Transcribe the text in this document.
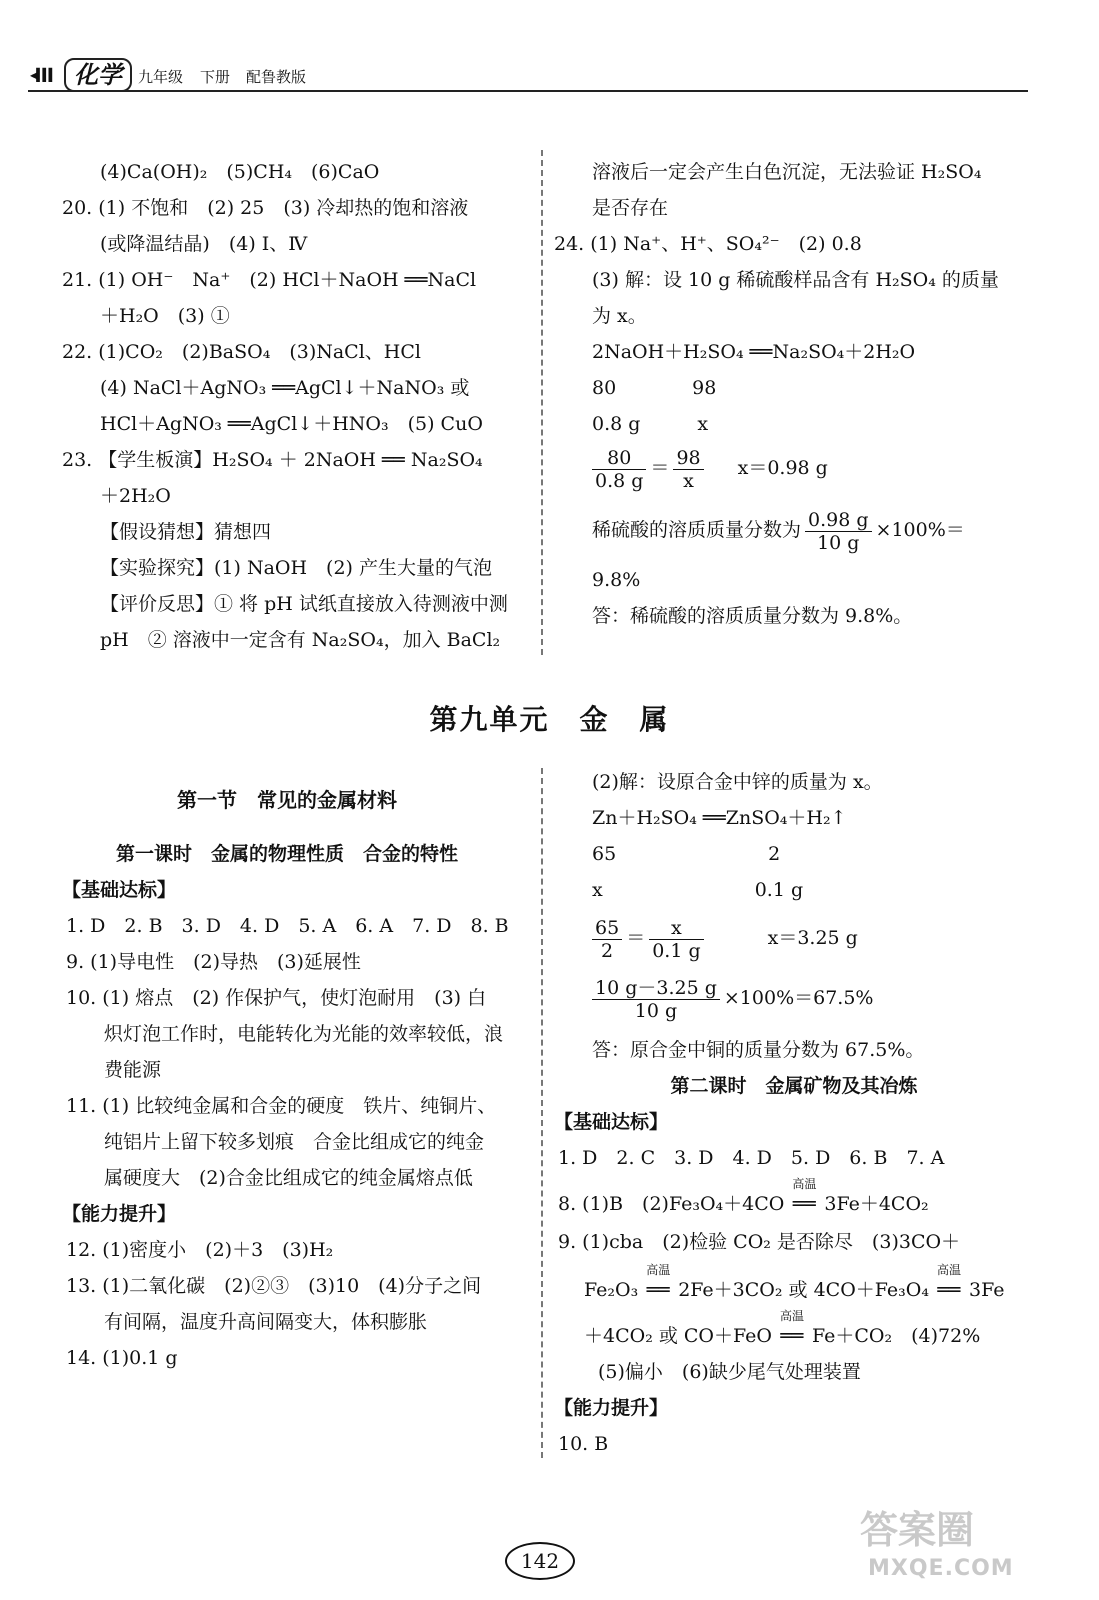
◀▌▌▌ 化学	九年级 下册 配鲁教版
(4)Ca(OH)₂　(5)CH₄　(6)CaO
20. (1) 不饱和　(2) 25　(3) 冷却热的饱和溶液
(或降温结晶)　(4) Ⅰ、Ⅳ
21. (1) OH⁻　Na⁺　(2) HCl＋NaOH ══NaCl
＋H₂O　(3) ①
22. (1)CO₂　(2)BaSO₄　(3)NaCl、HCl
(4) NaCl＋AgNO₃ ══AgCl↓＋NaNO₃ 或
HCl＋AgNO₃ ══AgCl↓＋HNO₃　(5) CuO
23. 【学生板演】H₂SO₄ ＋ 2NaOH ══ Na₂SO₄
＋2H₂O
【假设猜想】猜想四
【实验探究】(1) NaOH　(2) 产生大量的气泡
【评价反思】① 将 pH 试纸直接放入待测液中测
pH　② 溶液中一定含有 Na₂SO₄，加入 BaCl₂
溶液后一定会产生白色沉淀，无法验证 H₂SO₄
是否存在
24. (1) Na⁺、H⁺、SO₄²⁻　(2) 0.8
(3) 解：设 10 g 稀硫酸样品含有 H₂SO₄ 的质量
为 x。
2NaOH＋H₂SO₄ ══Na₂SO₄＋2H₂O
80　　　　98
0.8 g　　　x
$\frac{80}{0.8 g} = \frac{98}{x} x=0.98$ g
稀硫酸的溶质质量分数为 $\frac{0.98 g}{10 g} \times 100\%=$
9.8%
答：稀硫酸的溶质质量分数为 9.8%。
第九单元　金　属
第一节　常见的金属材料
第一课时　金属的物理性质　合金的特性
【基础达标】
1. D　2. B　3. D　4. D　5. A　6. A　7. D　8. B
9. (1)导电性　(2)导热　(3)延展性
10. (1) 熔点　(2) 作保护气，使灯泡耐用　(3) 白
炽灯泡工作时，电能转化为光能的效率较低，浪
费能源
11. (1) 比较纯金属和合金的硬度　铁片、纯铜片、
纯铝片上留下较多划痕　合金比组成它的纯金
属硬度大　(2)合金比组成它的纯金属熔点低
【能力提升】
12. (1)密度小　(2)＋3　(3)H₂
13. (1)二氧化碳　(2)②③　(3)10　(4)分子之间
有间隔，温度升高间隔变大，体积膨胀
14. (1)0.1 g
(2)解：设原合金中锌的质量为 x。
Zn＋H₂SO₄ ══ZnSO₄＋H₂↑
65　　　　　　　　2
x　　　　　　　　0.1 g
$\frac{65}{2} = \frac{x}{0.1 g}$	x＝3.25 g
$\frac{10 g-3.25 g}{10 g} \times 100\%=67.5\%$
答：原合金中铜的质量分数为 67.5%。
第二课时　金属矿物及其冶炼
【基础达标】
1. D　2. C　3. D　4. D　5. D　6. B　7. A
8. (1)B　(2)Fe₃O₄＋4CO
高温
══ 3Fe＋4CO₂
9. (1)cba　(2)检验 CO₂ 是否除尽　(3)3CO＋
Fe₂O₃
高温
══ 2Fe＋3CO₂ 或 4CO＋Fe₃O₄
高温
══ 3Fe
＋4CO₂ 或 CO＋FeO
高温
══ Fe＋CO₂　(4)72%
(5)偏小　(6)缺少尾气处理装置
【能力提升】
10. B
142
答案圈
MXQE.COM
